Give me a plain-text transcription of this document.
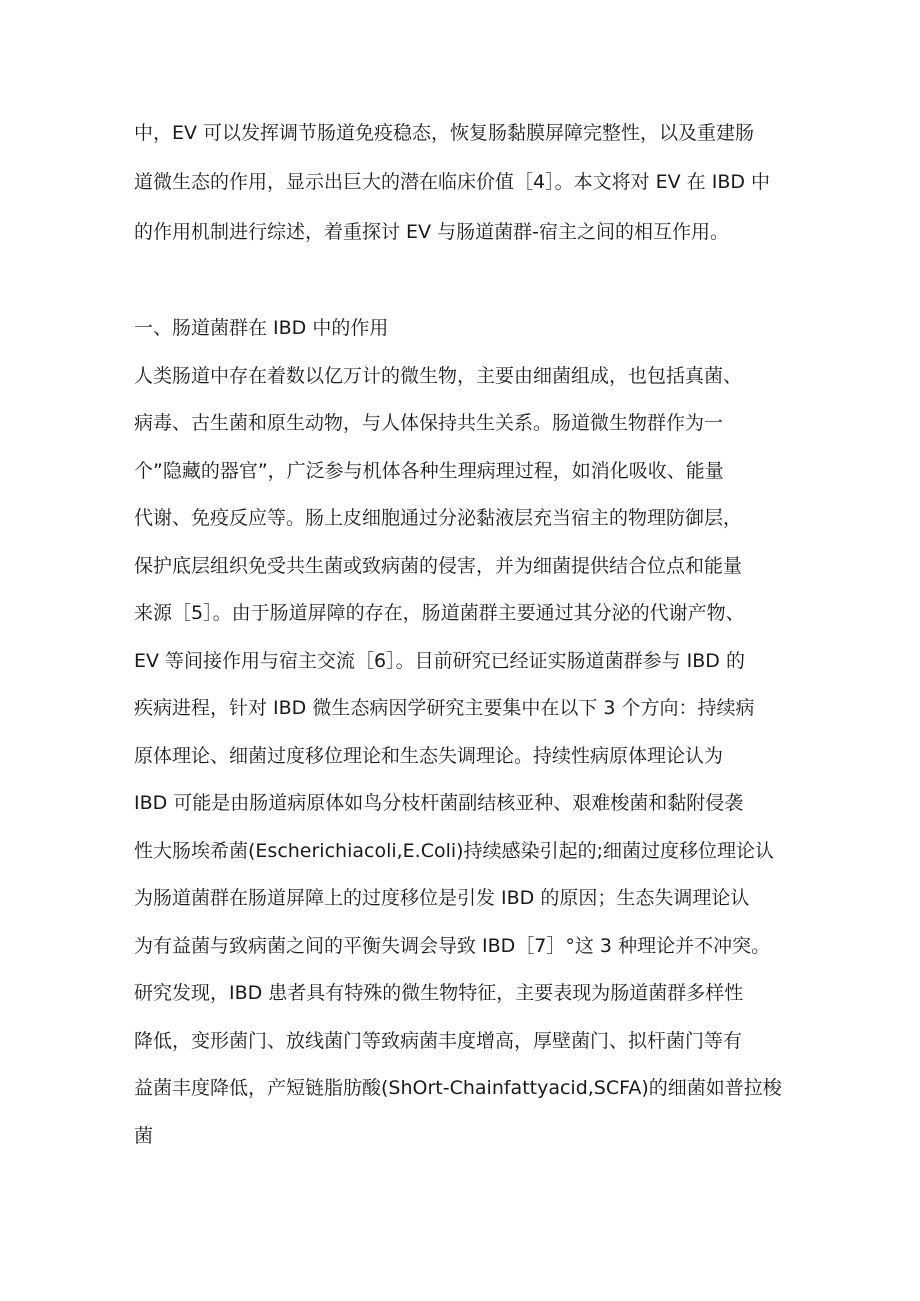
中，EV 可以发挥调节肠道免疫稳态，恢复肠黏膜屏障完整性，以及重建肠
道微生态的作用，显示出巨大的潜在临床价值［4］。本文将对 EV 在 IBD 中
的作用机制进行综述，着重探讨 EV 与肠道菌群-宿主之间的相互作用。
一、肠道菌群在 IBD 中的作用
人类肠道中存在着数以亿万计的微生物，主要由细菌组成，也包括真菌、
病毒、古生菌和原生动物，与人体保持共生关系。肠道微生物群作为一
个”隐藏的器官”，广泛参与机体各种生理病理过程，如消化吸收、能量
代谢、免疫反应等。肠上皮细胞通过分泌黏液层充当宿主的物理防御层，
保护底层组织免受共生菌或致病菌的侵害，并为细菌提供结合位点和能量
来源［5］。由于肠道屏障的存在，肠道菌群主要通过其分泌的代谢产物、
EV 等间接作用与宿主交流［6］。目前研究已经证实肠道菌群参与 IBD 的
疾病进程，针对 IBD 微生态病因学研究主要集中在以下 3 个方向：持续病
原体理论、细菌过度移位理论和生态失调理论。持续性病原体理论认为
IBD 可能是由肠道病原体如鸟分枝杆菌副结核亚种、艰难梭菌和黏附侵袭
性大肠埃希菌(Escherichiacoli,E.Coli)持续感染引起的;细菌过度移位理论认
为肠道菌群在肠道屏障上的过度移位是引发 IBD 的原因；生态失调理论认
为有益菌与致病菌之间的平衡失调会导致 IBD［7］°这 3 种理论并不冲突。
研究发现，IBD 患者具有特殊的微生物特征，主要表现为肠道菌群多样性
降低，变形菌门、放线菌门等致病菌丰度增高，厚壁菌门、拟杆菌门等有
益菌丰度降低，产短链脂肪酸(ShOrt-Chainfattyacid,SCFA)的细菌如普拉梭
菌
